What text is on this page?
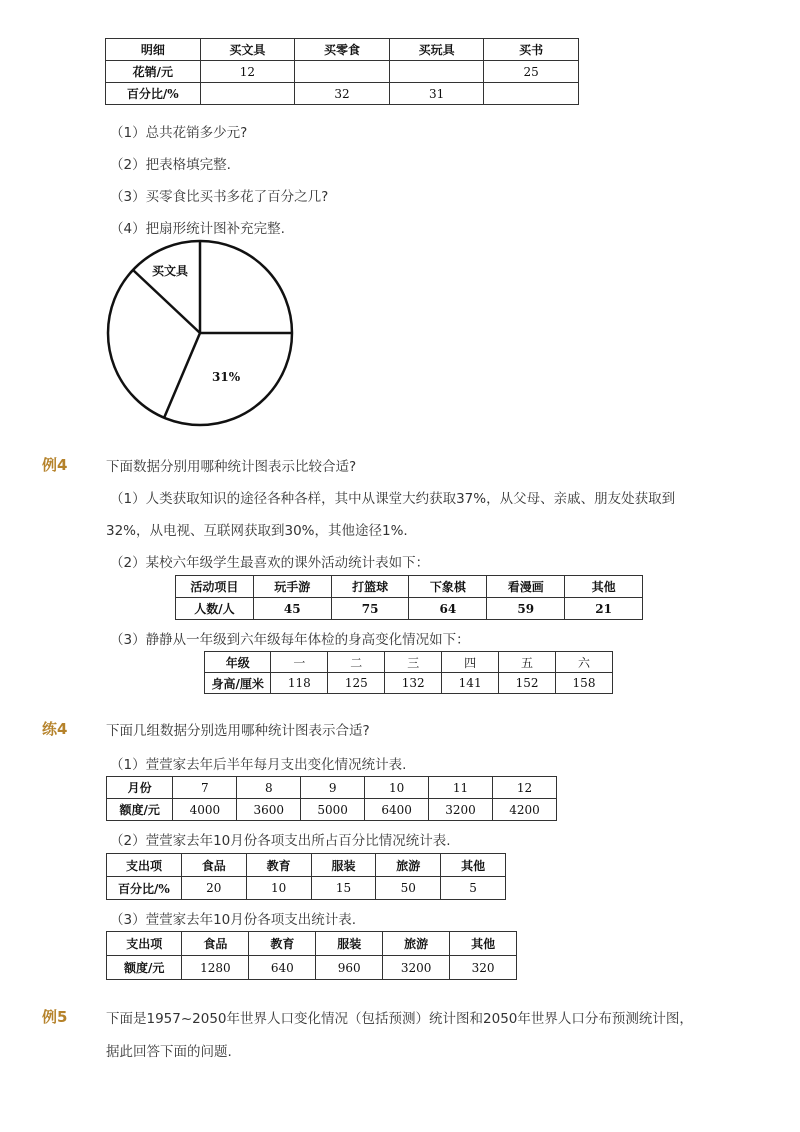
明细	买文具	买零食	买玩具	买书
花销/元	12			25
百分比/%		32	31	
（1）总共花销多少元?
（2）把表格填完整.
（3）买零食比买书多花了百分之几?
（4）把扇形统计图补充完整.
买文具
31%
例4	下面数据分别用哪种统计图表示比较合适?
（1）人类获取知识的途径各种各样，其中从课堂大约获取37%，从父母、亲戚、朋友处获取到
32%，从电视、互联网获取到30%，其他途径1%.
（2）某校六年级学生最喜欢的课外活动统计表如下：
活动项目	玩手游	打篮球	下象棋	看漫画	其他
人数/人	45	75	64	59	21
（3）静静从一年级到六年级每年体检的身高变化情况如下：
年级	一	二	三	四	五	六
身高/厘米	118	125	132	141	152	158
练4	下面几组数据分别选用哪种统计图表示合适?
（1）萱萱家去年后半年每月支出变化情况统计表.
月份	7	8	9	10	11	12
额度/元	4000	3600	5000	6400	3200	4200
（2）萱萱家去年10月份各项支出所占百分比情况统计表.
支出项	食品	教育	服装	旅游	其他
百分比/%	20	10	15	50	5
（3）萱萱家去年10月份各项支出统计表.
支出项	食品	教育	服装	旅游	其他
额度/元	1280	640	960	3200	320
例5	下面是1957~2050年世界人口变化情况（包括预测）统计图和2050年世界人口分布预测统计图，
据此回答下面的问题.
